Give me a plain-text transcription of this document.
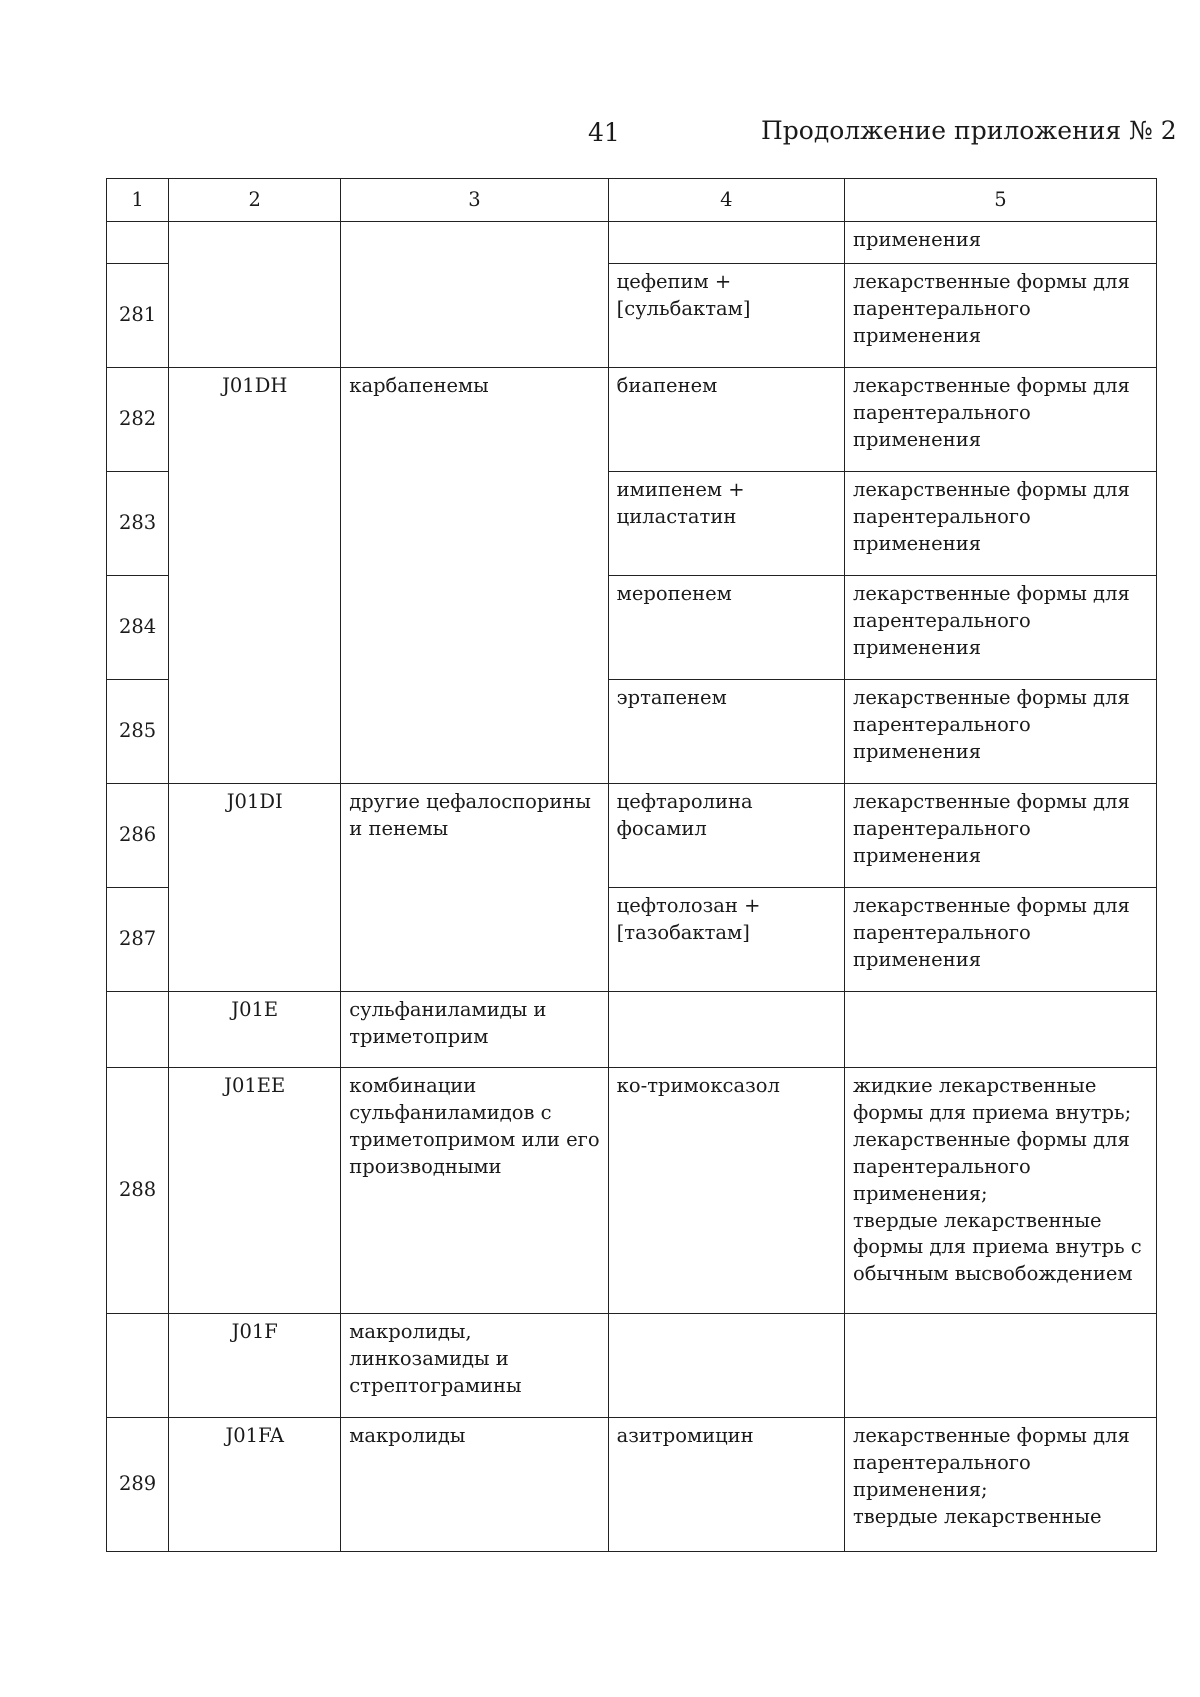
41	Продолжение приложения № 2
1	2	3	4	5
				применения
281			цефепим + [сульбактам]	лекарственные формы для парентерального применения
282	J01DH	карбапенемы	биапенем	лекарственные формы для парентерального применения
283			имипенем + циластатин	лекарственные формы для парентерального применения
284			меропенем	лекарственные формы для парентерального применения
285			эртапенем	лекарственные формы для парентерального применения
286	J01DI	другие цефалоспорины и пенемы	цефтаролина фосамил	лекарственные формы для парентерального применения
287			цефтолозан + [тазобактам]	лекарственные формы для парентерального применения
	J01E	сульфаниламиды и триметоприм		
288	J01EE	комбинации сульфаниламидов с триметопримом или его производными	ко-тримоксазол	жидкие лекарственные формы для приема внутрь;
лекарственные формы для парентерального применения;
твердые лекарственные формы для приема внутрь с обычным высвобождением

	J01F	макролиды, линкозамиды и стрептограмины		
289	J01FA	макролиды	азитромицин	лекарственные формы для парентерального применения;
твердые лекарственные
